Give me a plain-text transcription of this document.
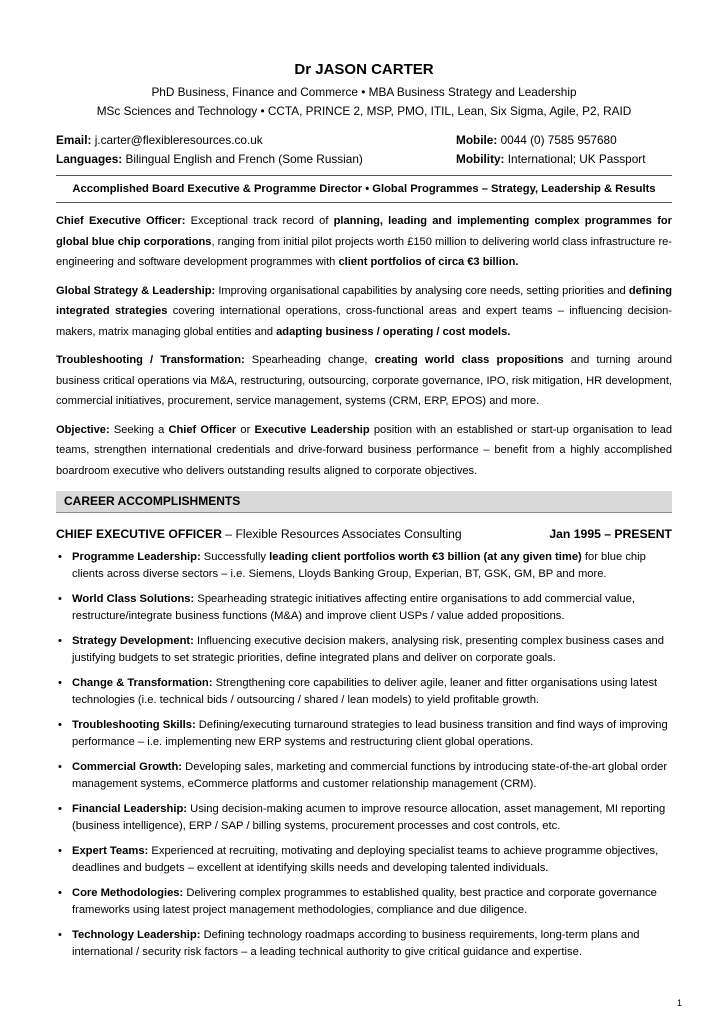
Dr JASON CARTER
PhD Business, Finance and Commerce • MBA Business Strategy and Leadership
MSc Sciences and Technology • CCTA, PRINCE 2, MSP, PMO, ITIL, Lean, Six Sigma, Agile, P2, RAID
Email: j.carter@flexibleresources.co.uk	Mobile: 0044 (0) 7585 957680
Languages: Bilingual English and French (Some Russian)	Mobility: International; UK Passport
Accomplished Board Executive & Programme Director • Global Programmes – Strategy, Leadership & Results
Chief Executive Officer: Exceptional track record of planning, leading and implementing complex programmes for global blue chip corporations, ranging from initial pilot projects worth £150 million to delivering world class infrastructure re-engineering and software development programmes with client portfolios of circa €3 billion.
Global Strategy & Leadership: Improving organisational capabilities by analysing core needs, setting priorities and defining integrated strategies covering international operations, cross-functional areas and expert teams – influencing decision-makers, matrix managing global entities and adapting business / operating / cost models.
Troubleshooting / Transformation: Spearheading change, creating world class propositions and turning around business critical operations via M&A, restructuring, outsourcing, corporate governance, IPO, risk mitigation, HR development, commercial initiatives, procurement, service management, systems (CRM, ERP, EPOS) and more.
Objective: Seeking a Chief Officer or Executive Leadership position with an established or start-up organisation to lead teams, strengthen international credentials and drive-forward business performance – benefit from a highly accomplished boardroom executive who delivers outstanding results aligned to corporate objectives.
CAREER ACCOMPLISHMENTS
CHIEF EXECUTIVE OFFICER – Flexible Resources Associates Consulting	Jan 1995 – PRESENT
• Programme Leadership: Successfully leading client portfolios worth €3 billion (at any given time) for blue chip clients across diverse sectors – i.e. Siemens, Lloyds Banking Group, Experian, BT, GSK, GM, BP and more.
• World Class Solutions: Spearheading strategic initiatives affecting entire organisations to add commercial value, restructure/integrate business functions (M&A) and improve client USPs / value added propositions.
• Strategy Development: Influencing executive decision makers, analysing risk, presenting complex business cases and justifying budgets to set strategic priorities, define integrated plans and deliver on corporate goals.
• Change & Transformation: Strengthening core capabilities to deliver agile, leaner and fitter organisations using latest technologies (i.e. technical bids / outsourcing / shared / lean models) to yield profitable growth.
• Troubleshooting Skills: Defining/executing turnaround strategies to lead business transition and find ways of improving performance – i.e. implementing new ERP systems and restructuring client global operations.
• Commercial Growth: Developing sales, marketing and commercial functions by introducing state-of-the-art global order management systems, eCommerce platforms and customer relationship management (CRM).
• Financial Leadership: Using decision-making acumen to improve resource allocation, asset management, MI reporting (business intelligence), ERP / SAP / billing systems, procurement processes and cost controls, etc.
• Expert Teams: Experienced at recruiting, motivating and deploying specialist teams to achieve programme objectives, deadlines and budgets – excellent at identifying skills needs and developing talented individuals.
• Core Methodologies: Delivering complex programmes to established quality, best practice and corporate governance frameworks using latest project management methodologies, compliance and due diligence.
• Technology Leadership: Defining technology roadmaps according to business requirements, long-term plans and international / security risk factors – a leading technical authority to give critical guidance and expertise.
1
